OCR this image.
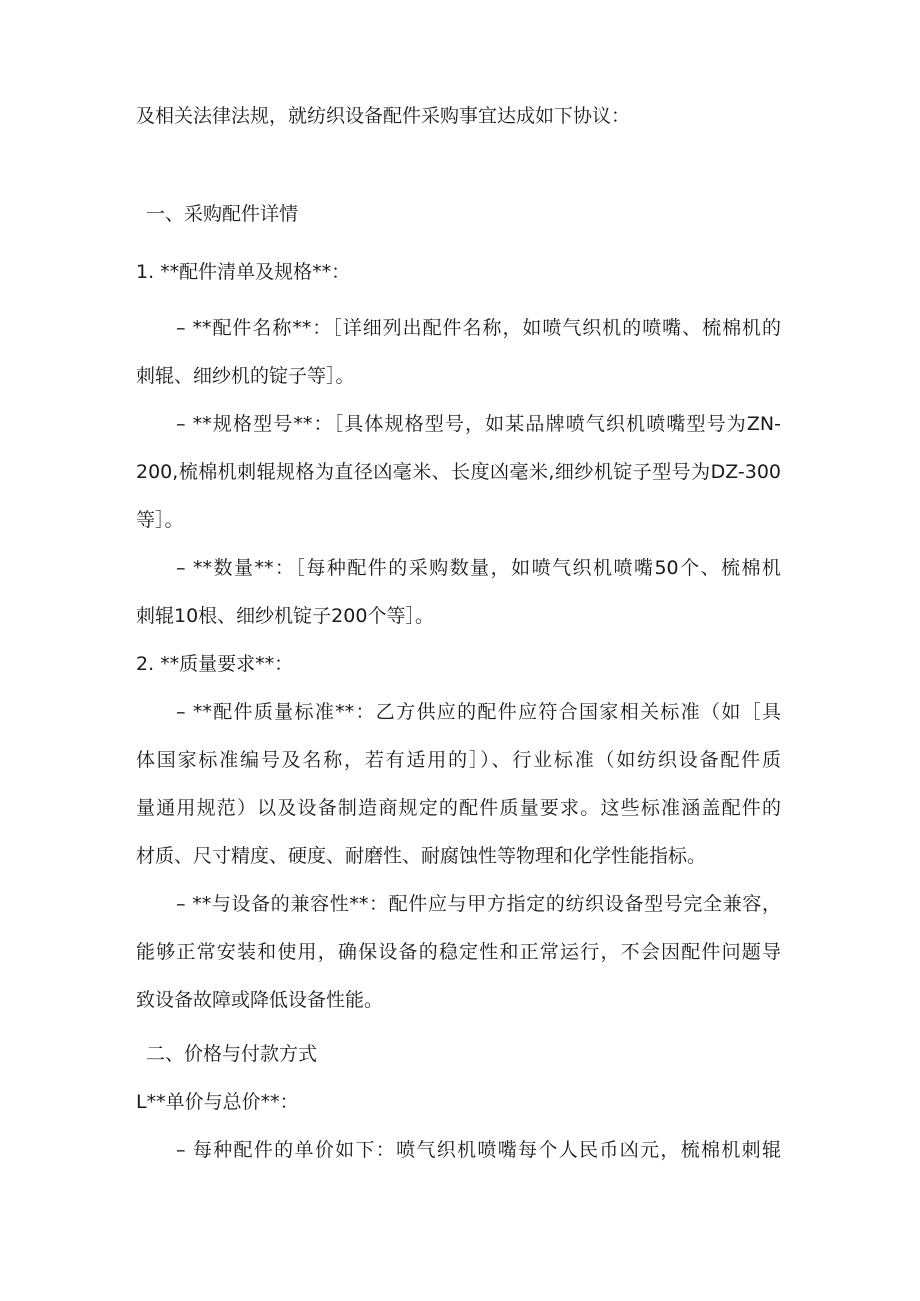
及相关法律法规，就纺织设备配件采购事宜达成如下协议：
一、采购配件详情
1. **配件清单及规格**：
– **配件名称**：［详细列出配件名称，如喷气织机的喷嘴、梳棉机的
刺辊、细纱机的锭子等］。
– **规格型号**：［具体规格型号，如某品牌喷气织机喷嘴型号为ZN-
200,梳棉机刺辊规格为直径凶毫米、长度凶毫米,细纱机锭子型号为DZ-300
等］。
– **数量**：［每种配件的采购数量，如喷气织机喷嘴50个、梳棉机
刺辊10根、细纱机锭子200个等］。
2. **质量要求**：
– **配件质量标准**：乙方供应的配件应符合国家相关标准（如［具
体国家标准编号及名称，若有适用的］）、行业标准（如纺织设备配件质
量通用规范）以及设备制造商规定的配件质量要求。这些标准涵盖配件的
材质、尺寸精度、硬度、耐磨性、耐腐蚀性等物理和化学性能指标。
– **与设备的兼容性**：配件应与甲方指定的纺织设备型号完全兼容，
能够正常安装和使用，确保设备的稳定性和正常运行，不会因配件问题导
致设备故障或降低设备性能。
二、价格与付款方式
L**单价与总价**：
– 每种配件的单价如下：喷气织机喷嘴每个人民币凶元，梳棉机刺辊
